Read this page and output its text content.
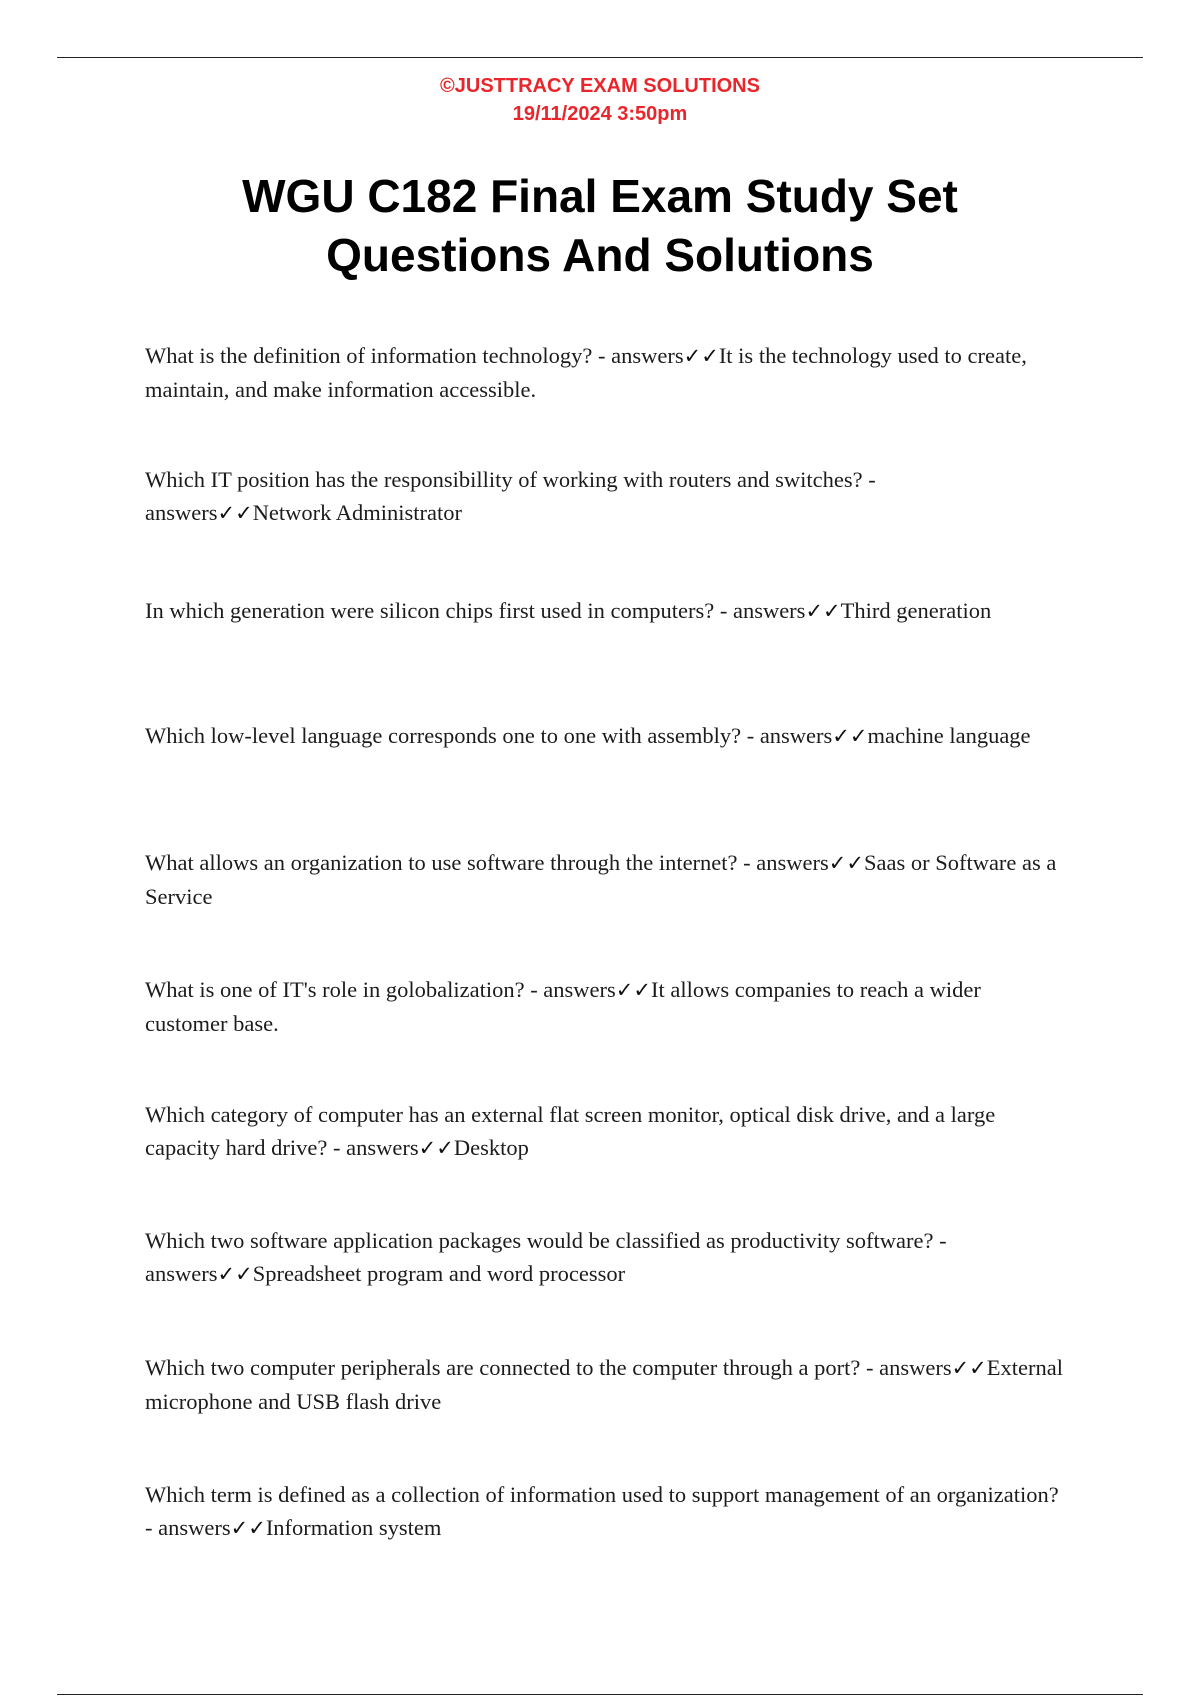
©JUSTTRACY EXAM SOLUTIONS
19/11/2024 3:50pm
WGU C182 Final Exam Study Set
Questions And Solutions
What is the definition of information technology? - answers✓✓It is the technology used to create, maintain, and make information accessible.
Which IT position has the responsibillity of working with routers and switches? - answers✓✓Network Administrator
In which generation were silicon chips first used in computers? - answers✓✓Third generation
Which low-level language corresponds one to one with assembly? - answers✓✓machine language
What allows an organization to use software through the internet? - answers✓✓Saas or Software as a Service
What is one of IT's role in golobalization? - answers✓✓It allows companies to reach a wider customer base.
Which category of computer has an external flat screen monitor, optical disk drive, and a large capacity hard drive? - answers✓✓Desktop
Which two software application packages would be classified as productivity software? - answers✓✓Spreadsheet program and word processor
Which two computer peripherals are connected to the computer through a port? - answers✓✓External microphone and USB flash drive
Which term is defined as a collection of information used to support management of an organization? - answers✓✓Information system
